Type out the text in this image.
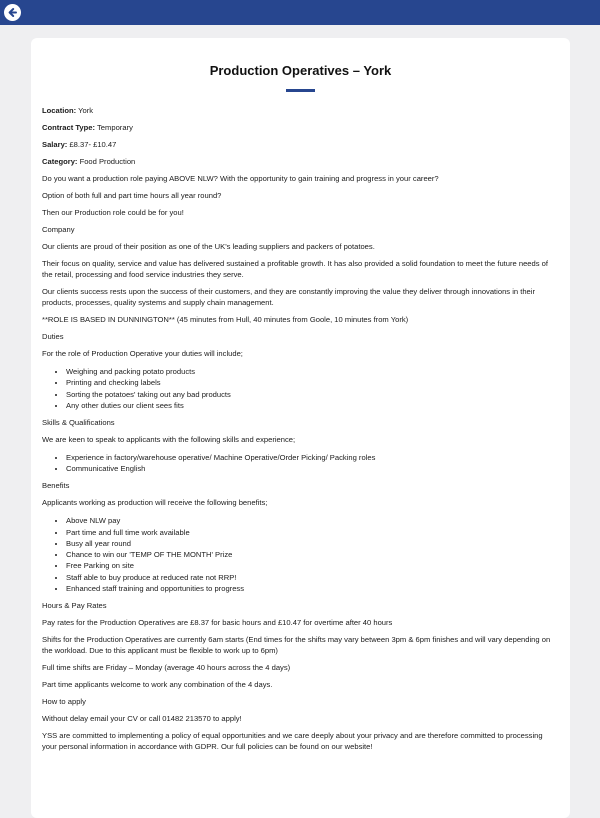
Production Operatives – York

Location: York

Contract Type: Temporary

Salary: £8.37- £10.47

Category: Food Production

Do you want a production role paying ABOVE NLW? With the opportunity to gain training and progress in your career?

Option of both full and part time hours all year round?

Then our Production role could be for you!

Company

Our clients are proud of their position as one of the UK's leading suppliers and packers of potatoes.

Their focus on quality, service and value has delivered sustained a profitable growth. It has also provided a solid foundation to meet the future needs of the retail, processing and food service industries they serve.

Our clients success rests upon the success of their customers, and they are constantly improving the value they deliver through innovations in their products, processes, quality systems and supply chain management.

**ROLE IS BASED IN DUNNINGTON** (45 minutes from Hull, 40 minutes from Goole, 10 minutes from York)

Duties

For the role of Production Operative your duties will include;

• Weighing and packing potato products
• Printing and checking labels
• Sorting the potatoes' taking out any bad products
• Any other duties our client sees fits

Skills & Qualifications

We are keen to speak to applicants with the following skills and experience;

• Experience in factory/warehouse operative/ Machine Operative/Order Picking/ Packing roles
• Communicative English

Benefits

Applicants working as production will receive the following benefits;

• Above NLW pay
• Part time and full time work available
• Busy all year round
• Chance to win our 'TEMP OF THE MONTH' Prize
• Free Parking on site
• Staff able to buy produce at reduced rate not RRP!
• Enhanced staff training and opportunities to progress

Hours & Pay Rates

Pay rates for the Production Operatives are £8.37 for basic hours and £10.47 for overtime after 40 hours

Shifts for the Production Operatives are currently 6am starts (End times for the shifts may vary between 3pm & 6pm finishes and will vary depending on the workload. Due to this applicant must be flexible to work up to 6pm)

Full time shifts are Friday – Monday (average 40 hours across the 4 days)

Part time applicants welcome to work any combination of the 4 days.

How to apply

Without delay email your CV or call 01482 213570 to apply!

YSS are committed to implementing a policy of equal opportunities and we care deeply about your privacy and are therefore committed to processing your personal information in accordance with GDPR. Our full policies can be found on our website!
